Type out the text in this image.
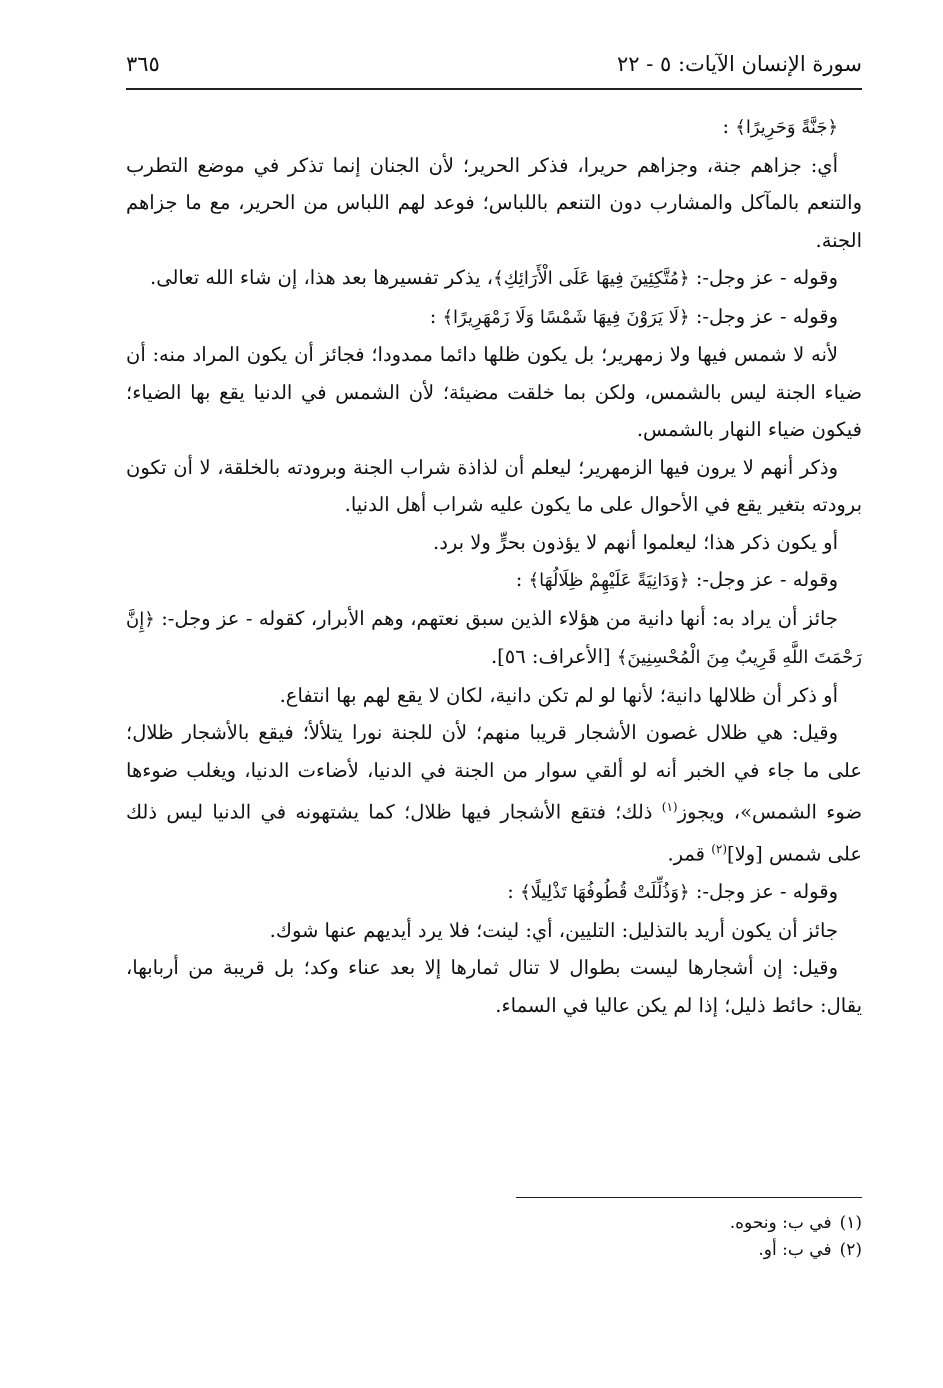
سورة الإنسان الآيات: ٥ - ٢٢
٣٦٥

﴿جَنَّةً وَحَرِيرًا﴾ :

أي: جزاهم جنة، وجزاهم حريرا، فذكر الحرير؛ لأن الجنان إنما تذكر في موضع التطرب والتنعم بالمآكل والمشارب دون التنعم باللباس؛ فوعد لهم اللباس من الحرير، مع ما جزاهم الجنة.

وقوله - عز وجل-: ﴿مُتَّكِئِينَ فِيهَا عَلَى الْأَرَائِكِ﴾، يذكر تفسيرها بعد هذا، إن شاء الله تعالى.

وقوله - عز وجل-: ﴿لَا يَرَوْنَ فِيهَا شَمْسًا وَلَا زَمْهَرِيرًا﴾ :

لأنه لا شمس فيها ولا زمهرير؛ بل يكون ظلها دائما ممدودا؛ فجائز أن يكون المراد منه: أن ضياء الجنة ليس بالشمس، ولكن بما خلقت مضيئة؛ لأن الشمس في الدنيا يقع بها الضياء؛ فيكون ضياء النهار بالشمس.

وذكر أنهم لا يرون فيها الزمهرير؛ ليعلم أن لذاذة شراب الجنة وبرودته بالخلقة، لا أن تكون برودته بتغير يقع في الأحوال على ما يكون عليه شراب أهل الدنيا.

أو يكون ذكر هذا؛ ليعلموا أنهم لا يؤذون بحرٍّ ولا برد.

وقوله - عز وجل-: ﴿وَدَانِيَةً عَلَيْهِمْ ظِلَالُهَا﴾ :

جائز أن يراد به: أنها دانية من هؤلاء الذين سبق نعتهم، وهم الأبرار، كقوله - عز وجل-: ﴿إِنَّ رَحْمَتَ اللَّهِ قَرِيبٌ مِنَ الْمُحْسِنِينَ﴾ [الأعراف: ٥٦].

أو ذكر أن ظلالها دانية؛ لأنها لو لم تكن دانية، لكان لا يقع لهم بها انتفاع.

وقيل: هي ظلال غصون الأشجار قريبا منهم؛ لأن للجنة نورا يتلألأ؛ فيقع بالأشجار ظلال؛ على ما جاء في الخبر أنه لو ألقي سوار من الجنة في الدنيا، لأضاءت الدنيا، ويغلب ضوءها ضوء الشمس»، ويجوز$^{(١)}$ ذلك؛ فتقع الأشجار فيها ظلال؛ كما يشتهونه في الدنيا ليس ذلك على شمس [ولا]$^{(٢)}$ قمر.

وقوله - عز وجل-: ﴿وَذُلِّلَتْ قُطُوفُهَا تَذْلِيلًا﴾ :

جائز أن يكون أريد بالتذليل: التليين، أي: لينت؛ فلا يرد أيديهم عنها شوك.

وقيل: إن أشجارها ليست بطوال لا تنال ثمارها إلا بعد عناء وكد؛ بل قريبة من أربابها، يقال: حائط ذليل؛ إذا لم يكن عاليا في السماء.

(١)في ب: ونحوه.
(٢)في ب: أو.
